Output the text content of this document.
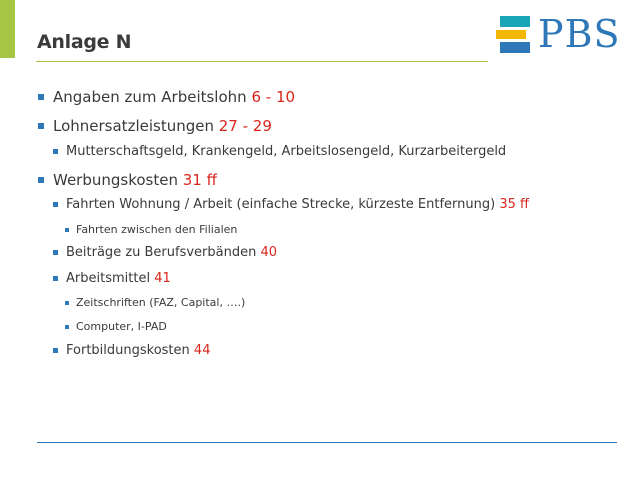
Anlage N	PBS
Angaben zum Arbeitslohn
6 - 10
Lohnersatzleistungen
27 - 29
Mutterschaftsgeld, Krankengeld, Arbeitslosengeld, Kurzarbeitergeld
Werbungskosten
31 ff
Fahrten Wohnung / Arbeit (einfache Strecke, kürzeste Entfernung)
35 ff
Fahrten zwischen den Filialen
Beiträge zu Berufsverbänden
40
Arbeitsmittel
41
Zeitschriften (FAZ, Capital, ….)
Computer, I-PAD
Fortbildungskosten
44
